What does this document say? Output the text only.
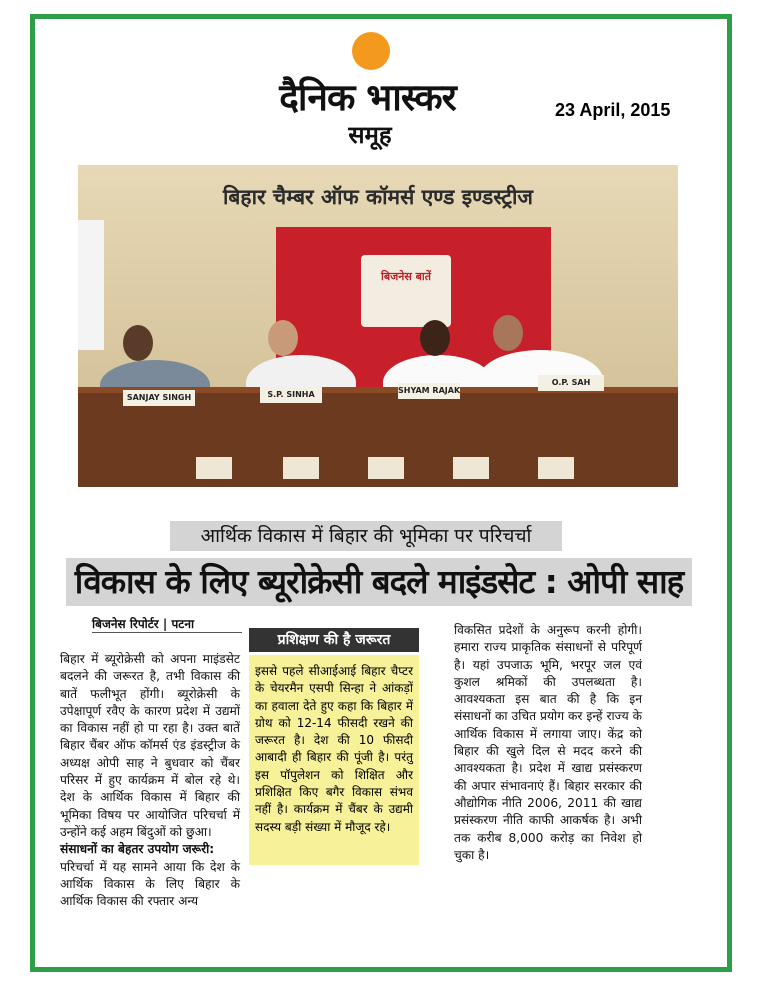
दैनिक भास्कर
समूह
23 April, 2015
बिहार चैम्बर ऑफ कॉमर्स एण्ड इण्डस्ट्रीज
बिजनेस बातें
SANJAY SINGH	S.P. SINHA	SHYAM RAJAK
O.P. SAH
आर्थिक विकास में बिहार की भूमिका पर परिचर्चा
विकास के लिए ब्यूरोक्रेसी बदले माइंडसेट : ओपी साह
बिजनेस रिपोर्टर | पटना

बिहार में ब्यूरोक्रेसी को अपना माइंडसेट बदलने की जरूरत है, तभी विकास की बातें फलीभूत होंगी। ब्यूरोक्रेसी के उपेक्षापूर्ण रवैए के कारण प्रदेश में उद्यमों का विकास नहीं हो पा रहा है। उक्त बातें बिहार चैंबर ऑफ कॉमर्स एंड इंडस्ट्रीज के अध्यक्ष ओपी साह ने बुधवार को चैंबर परिसर में हुए कार्यक्रम में बोल रहे थे। देश के आर्थिक विकास में बिहार की भूमिका विषय पर आयोजित परिचर्चा में उन्होंने कई अहम बिंदुओं को छुआ।

संसाधनों का बेहतर उपयोग जरूरी:

परिचर्चा में यह सामने आया कि देश के आर्थिक विकास के लिए बिहार के आर्थिक विकास की रफ्तार अन्य

प्रशिक्षण की है जरूरत

इससे पहले सीआईआई बिहार चैप्टर के चेयरमैन एसपी सिन्हा ने आंकड़ों का हवाला देते हुए कहा कि बिहार में ग्रोथ को 12-14 फीसदी रखने की जरूरत है। देश की 10 फीसदी आबादी ही बिहार की पूंजी है। परंतु इस पॉपुलेशन को शिक्षित और प्रशिक्षित किए बगैर विकास संभव नहीं है। कार्यक्रम में चैंबर के उद्यमी सदस्य बड़ी संख्या में मौजूद रहे।

विकसित प्रदेशों के अनुरूप करनी होगी। हमारा राज्य प्राकृतिक संसाधनों से परिपूर्ण है। यहां उपजाऊ भूमि, भरपूर जल एवं कुशल श्रमिकों की उपलब्धता है। आवश्यकता इस बात की है कि इन संसाधनों का उचित प्रयोग कर इन्हें राज्य के आर्थिक विकास में लगाया जाए। केंद्र को बिहार की खुले दिल से मदद करने की आवश्यकता है। प्रदेश में खाद्य प्रसंस्करण की अपार संभावनाएं हैं। बिहार सरकार की औद्योगिक नीति 2006, 2011 की खाद्य प्रसंस्करण नीति काफी आकर्षक है। अभी तक करीब 8,000 करोड़ का निवेश हो चुका है।
